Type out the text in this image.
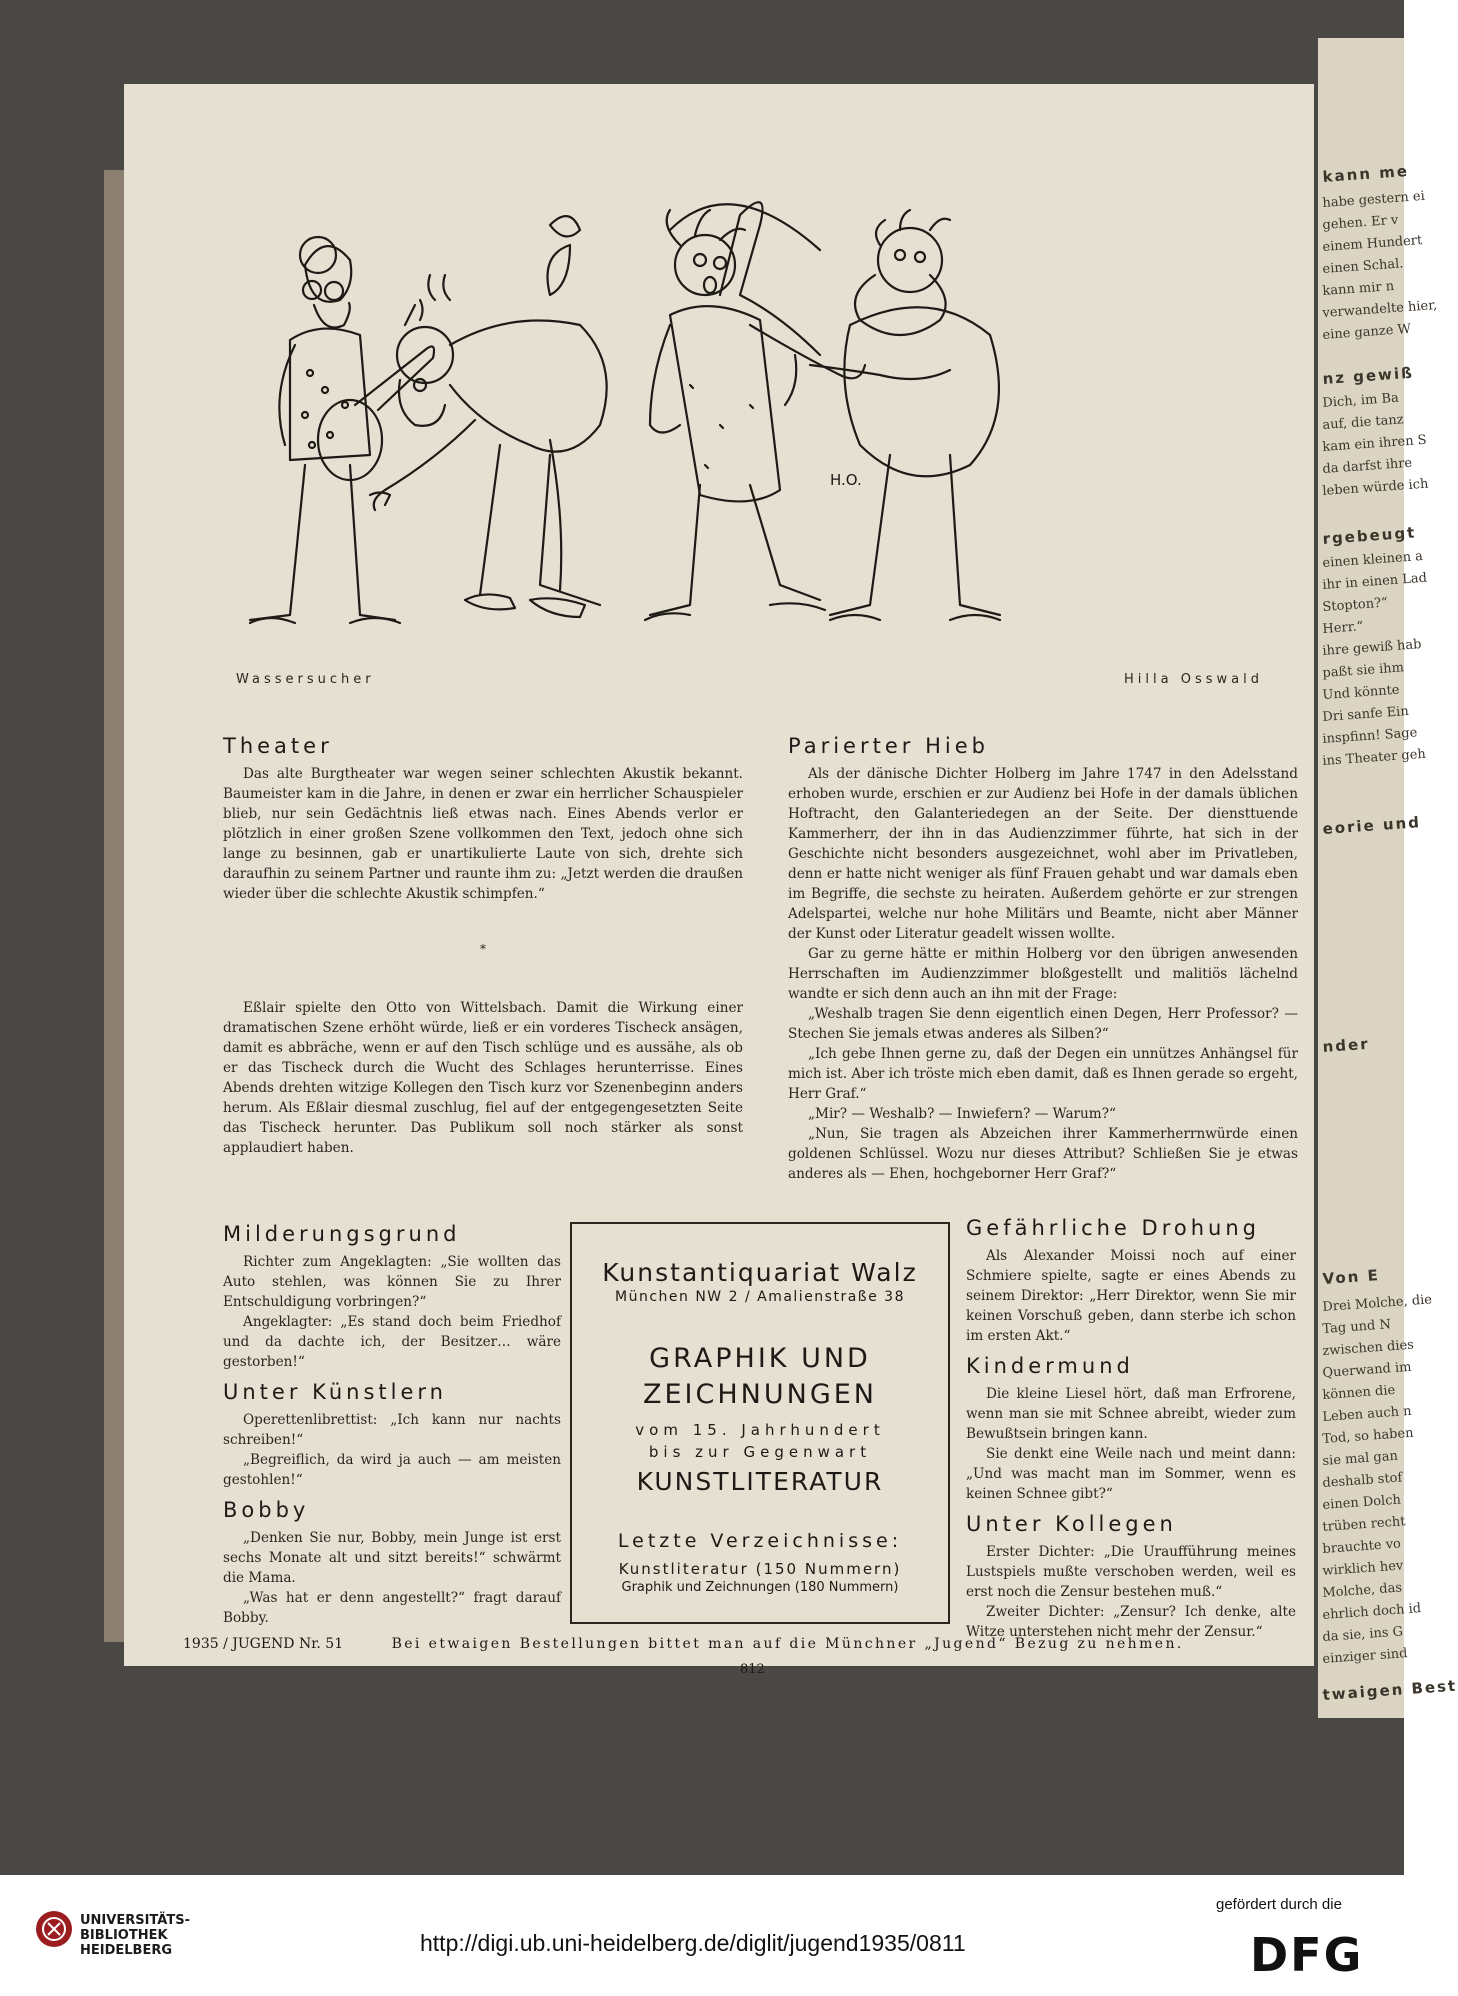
kann me
habe gestern ei
gehen. Er v
einem Hundert
einen Schal.
kann mir n
verwandelte hier,
eine ganze W
nz gewiß
Dich, im Ba
auf, die tanz
kam ein ihren S
da darfst ihre
leben würde ich
rgebeugt
einen kleinen a
ihr in einen Lad
Stopton?“
Herr.“
ihre gewiß hab
paßt sie ihm
Und könnte
Dri sanfe Ein
inspfinn! Sage
ins Theater geh
eorie und
nder
Von E
Drei Molche, die
Tag und N
zwischen dies
Querwand im
können die
Leben auch n
Tod, so haben
sie mal gan
deshalb stof
einen Dolch
trüben recht
brauchte vo
wirklich hev
Molche, das
ehrlich doch id
da sie, ins G
einziger sind
twaigen Best
H.O.
Wassersucher	Hilla Osswald
Theater

Das alte Burgtheater war wegen seiner schlechten Akustik bekannt. Baumeister kam in die Jahre, in denen er zwar ein herrlicher Schauspieler blieb, nur sein Gedächtnis ließ etwas nach. Eines Abends verlor er plötzlich in einer großen Szene vollkommen den Text, jedoch ohne sich lange zu besinnen, gab er unartikulierte Laute von sich, drehte sich daraufhin zu seinem Partner und raunte ihm zu: „Jetzt werden die draußen wieder über die schlechte Akustik schimpfen.“

*

Eßlair spielte den Otto von Wittelsbach. Damit die Wirkung einer dramatischen Szene erhöht würde, ließ er ein vorderes Tischeck ansägen, damit es abbräche, wenn er auf den Tisch schlüge und es aussähe, als ob er das Tischeck durch die Wucht des Schlages herunterrisse. Eines Abends drehten witzige Kollegen den Tisch kurz vor Szenenbeginn anders herum. Als Eßlair diesmal zuschlug, fiel auf der entgegengesetzten Seite das Tischeck herunter. Das Publikum soll noch stärker als sonst applaudiert haben.

Parierter Hieb

Als der dänische Dichter Holberg im Jahre 1747 in den Adelsstand erhoben wurde, erschien er zur Audienz bei Hofe in der damals üblichen Hoftracht, den Galanteriedegen an der Seite. Der diensttuende Kammerherr, der ihn in das Audienzzimmer führte, hat sich in der Geschichte nicht besonders ausgezeichnet, wohl aber im Privatleben, denn er hatte nicht weniger als fünf Frauen gehabt und war damals eben im Begriffe, die sechste zu heiraten. Außerdem gehörte er zur strengen Adelspartei, welche nur hohe Militärs und Beamte, nicht aber Männer der Kunst oder Literatur geadelt wissen wollte.

Gar zu gerne hätte er mithin Holberg vor den übrigen anwesenden Herrschaften im Audienzzimmer bloßgestellt und malitiös lächelnd wandte er sich denn auch an ihn mit der Frage:

„Weshalb tragen Sie denn eigentlich einen Degen, Herr Professor? — Stechen Sie jemals etwas anderes als Silben?“

„Ich gebe Ihnen gerne zu, daß der Degen ein unnützes Anhängsel für mich ist. Aber ich tröste mich eben damit, daß es Ihnen gerade so ergeht, Herr Graf.“

„Mir? — Weshalb? — Inwiefern? — Warum?“

„Nun, Sie tragen als Abzeichen ihrer Kammerherrnwürde einen goldenen Schlüssel. Wozu nur dieses Attribut? Schließen Sie je etwas anderes als — Ehen, hochgeborner Herr Graf?“

Milderungsgrund

Richter zum Angeklagten: „Sie wollten das Auto stehlen, was können Sie zu Ihrer Entschuldigung vorbringen?“

Angeklagter: „Es stand doch beim Friedhof und da dachte ich, der Besitzer… wäre gestorben!“

Unter Künstlern

Operettenlibrettist: „Ich kann nur nachts schreiben!“

„Begreiflich, da wird ja auch — am meisten gestohlen!“

Bobby

„Denken Sie nur, Bobby, mein Junge ist erst sechs Monate alt und sitzt bereits!“ schwärmt die Mama.

„Was hat er denn angestellt?“ fragt darauf Bobby.

Kunstantiquariat Walz
München NW 2 / Amalienstraße 38
GRAPHIK UND
ZEICHNUNGEN
vom 15. Jahrhundert
bis zur Gegenwart
KUNSTLITERATUR
Letzte Verzeichnisse:
Kunstliteratur (150 Nummern)
Graphik und Zeichnungen (180 Nummern)
Gefährliche Drohung

Als Alexander Moissi noch auf einer Schmiere spielte, sagte er eines Abends zu seinem Direktor: „Herr Direktor, wenn Sie mir keinen Vorschuß geben, dann sterbe ich schon im ersten Akt.“

Kindermund

Die kleine Liesel hört, daß man Erfrorene, wenn man sie mit Schnee abreibt, wieder zum Bewußtsein bringen kann.

Sie denkt eine Weile nach und meint dann: „Und was macht man im Sommer, wenn es keinen Schnee gibt?“

Unter Kollegen

Erster Dichter: „Die Uraufführung meines Lustspiels mußte verschoben werden, weil es erst noch die Zensur bestehen muß.“

Zweiter Dichter: „Zensur? Ich denke, alte Witze unterstehen nicht mehr der Zensur.“

1935 / JUGEND Nr. 51	Bei etwaigen Bestellungen bittet man auf die Münchner „Jugend“ Bezug zu nehmen.
812
UNIVERSITÄTS-
BIBLIOTHEK
HEIDELBERG	http://digi.ub.uni-heidelberg.de/diglit/jugend1935/0811
gefördert durch die
DFG
